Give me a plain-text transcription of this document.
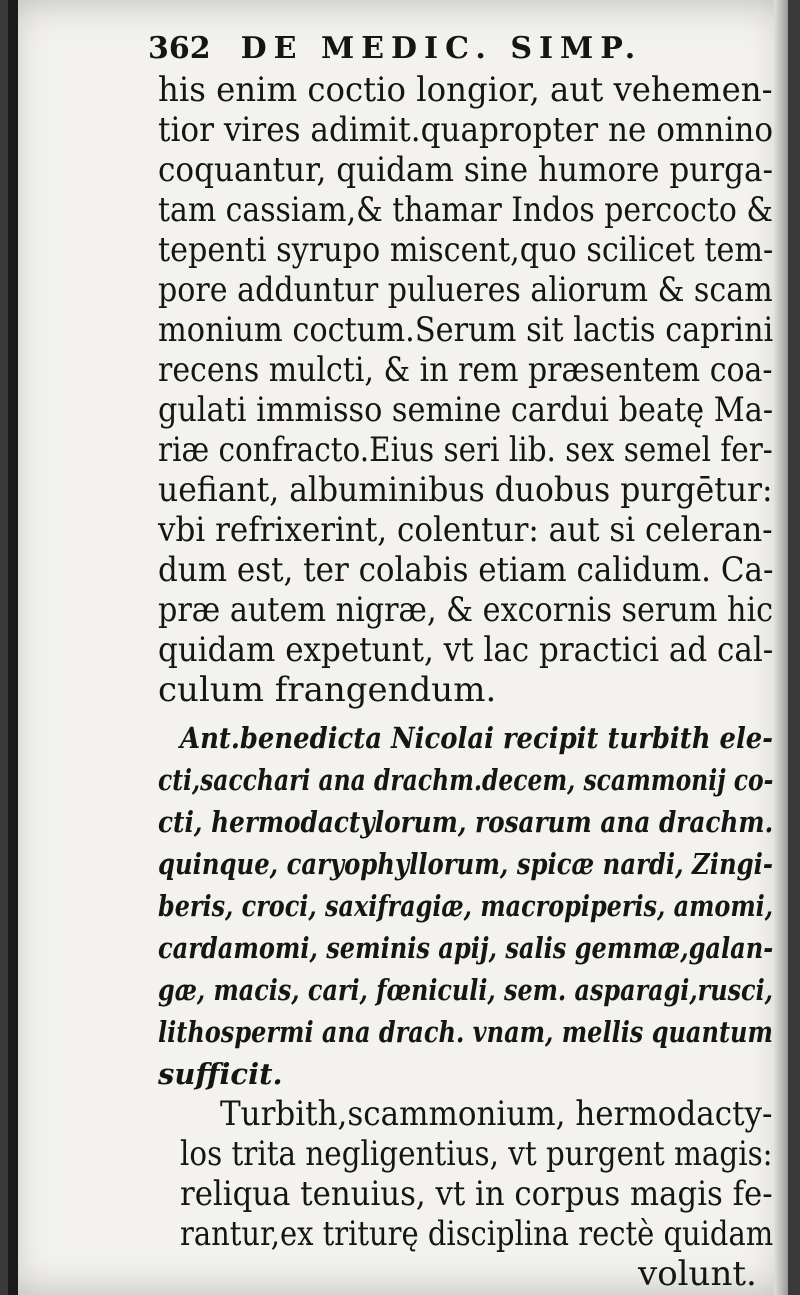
362 DE MEDIC. SIMP.
his enim coctio longior, aut vehemen-
tior vires adimit.quapropter ne omnino
coquantur, quidam sine humore purga-
tam cassiam,& thamar Indos percocto &
tepenti syrupo miscent,quo scilicet tem-
pore adduntur pulueres aliorum & scam
monium coctum.Serum sit lactis caprini
recens mulcti, & in rem præsentem coa-
gulati immisso semine cardui beatę Ma-
riæ confracto.Eius seri lib. sex semel fer-
uefiant, albuminibus duobus purgētur:
vbi refrixerint, colentur: aut si celeran-
dum est, ter colabis etiam calidum. Ca-
præ autem nigræ, & excornis serum hic
quidam expetunt, vt lac practici ad cal-
culum frangendum.
Ant.benedicta Nicolai recipit turbith ele-
cti,sacchari ana drachm.decem, scammonij co-
cti, hermodactylorum, rosarum ana drachm.
quinque, caryophyllorum, spicæ nardi, Zingi-
beris, croci, saxifragiæ, macropiperis, amomi,
cardamomi, seminis apij, salis gemmæ,galan-
gæ, macis, cari, fœniculi, sem. asparagi,rusci,
lithospermi ana drach. vnam, mellis quantum
sufficit.
Turbith,scammonium, hermodacty-
los trita negligentius, vt purgent magis:
reliqua tenuius, vt in corpus magis fe-
rantur,ex triturę disciplina rectè quidam
volunt.
